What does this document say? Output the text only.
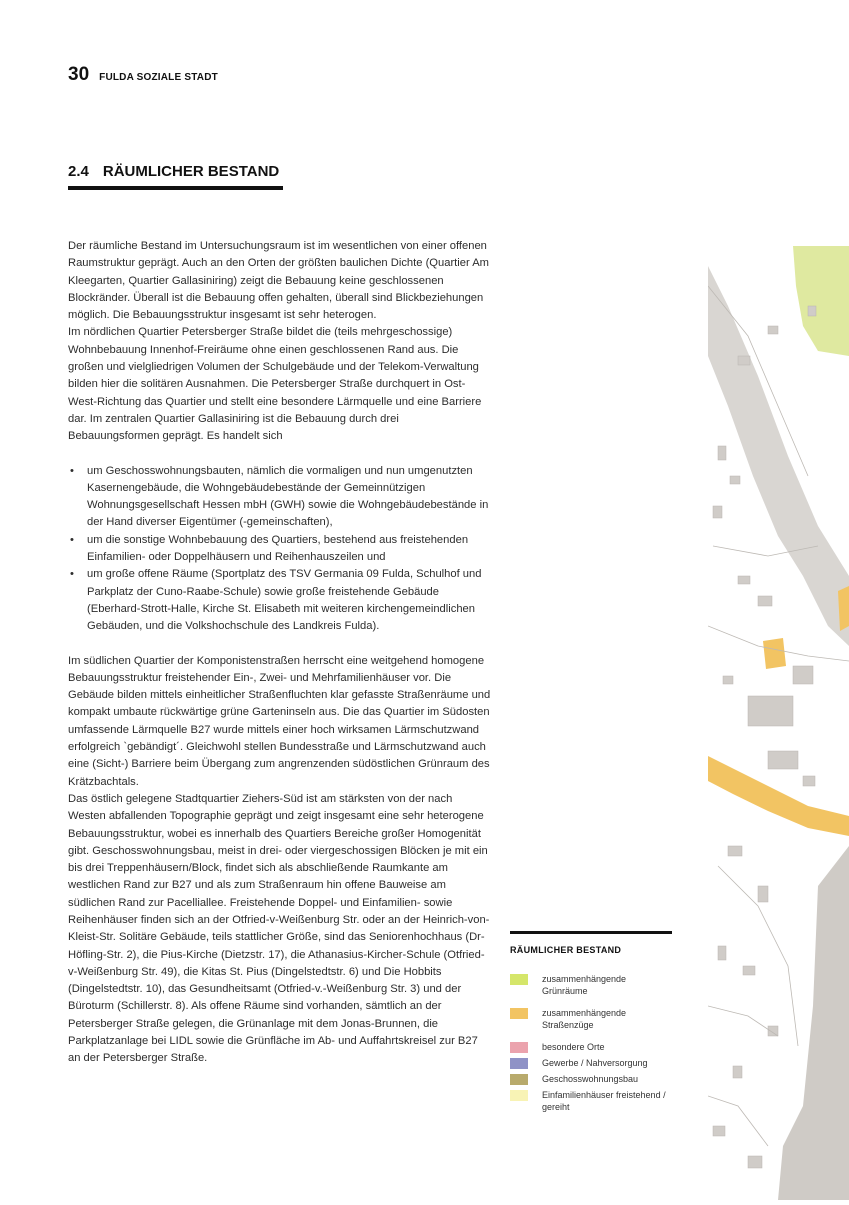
30 FULDA SOZIALE STADT
2.4 RÄUMLICHER BESTAND

Der räumliche Bestand im Untersuchungsraum ist im wesentlichen von einer offenen Raumstruktur geprägt. Auch an den Orten der größten baulichen Dichte (Quartier Am Kleegarten, Quartier Gallasiniring) zeigt die Bebauung keine geschlossenen Blockränder. Überall ist die Bebauung offen gehalten, überall sind Blickbeziehungen möglich. Die Bebauungsstruktur insgesamt ist sehr heterogen.

Im nördlichen Quartier Petersberger Straße bildet die (teils mehrgeschossige) Wohnbebauung Innenhof-Freiräume ohne einen geschlossenen Rand aus. Die großen und vielgliedrigen Volumen der Schulgebäude und der Telekom-Verwaltung bilden hier die solitären Ausnahmen. Die Petersberger Straße durchquert in Ost-West-Richtung das Quartier und stellt eine besondere Lärmquelle und eine Barriere dar. Im zentralen Quartier Gallasiniring ist die Bebauung durch drei Bebauungsformen geprägt. Es handelt sich

• um Geschosswohnungsbauten, nämlich die vormaligen und nun umgenutzten Kasernengebäude, die Wohngebäudebestände der Gemeinnützigen Wohnungsgesellschaft Hessen mbH (GWH) sowie die Wohngebäudebestände in der Hand diverser Eigentümer (-gemeinschaften),
• um die sonstige Wohnbebauung des Quartiers, bestehend aus freistehenden Einfamilien- oder Doppelhäusern und Reihenhauszeilen und
• um große offene Räume (Sportplatz des TSV Germania 09 Fulda, Schulhof und Parkplatz der Cuno-Raabe-Schule) sowie große freistehende Gebäude (Eberhard-Strott-Halle, Kirche St. Elisabeth mit weiteren kirchengemeindlichen Gebäuden, und die Volkshochschule des Landkreis Fulda).

Im südlichen Quartier der Komponistenstraßen herrscht eine weitgehend homogene Bebauungsstruktur freistehender Ein-, Zwei- und Mehrfamilienhäuser vor. Die Gebäude bilden mittels einheitlicher Straßenfluchten klar gefasste Straßenräume und kompakt umbaute rückwärtige grüne Garteninseln aus. Die das Quartier im Südosten umfassende Lärmquelle B27 wurde mittels einer hoch wirksamen Lärmschutzwand erfolgreich `gebändigt´. Gleichwohl stellen Bundesstraße und Lärmschutzwand auch eine (Sicht-) Barriere beim Übergang zum angrenzenden südöstlichen Grünraum des Krätzbachtals.

Das östlich gelegene Stadtquartier Ziehers-Süd ist am stärksten von der nach Westen abfallenden Topographie geprägt und zeigt insgesamt eine sehr heterogene Bebauungsstruktur, wobei es innerhalb des Quartiers Bereiche großer Homogenität gibt. Geschosswohnungsbau, meist in drei- oder viergeschossigen Blöcken je mit ein bis drei Treppenhäusern/Block, findet sich als abschließende Raumkante am westlichen Rand zur B27 und als zum Straßenraum hin offene Bauweise am südlichen Rand zur Pacelliallee. Freistehende Doppel- und Einfamilien- sowie Reihenhäuser finden sich an der Otfried-v-Weißenburg Str. oder an der Heinrich-von-Kleist-Str. Solitäre Gebäude, teils stattlicher Größe, sind das Seniorenhochhaus (Dr-Höfling-Str. 2), die Pius-Kirche (Dietzstr. 17), die Athanasius-Kircher-Schule (Otfried-v-Weißenburg Str. 49), die Kitas St. Pius (Dingelstedtstr. 6) und Die Hobbits (Dingelstedtstr. 10), das Gesundheitsamt (Otfried-v.-Weißenburg Str. 3) und der Büroturm (Schillerstr. 8). Als offene Räume sind vorhanden, sämtlich an der Petersberger Straße gelegen, die Grünanlage mit dem Jonas-Brunnen, die Parkplatzanlage bei LIDL sowie die Grünfläche im Ab- und Auffahrtskreisel zur B27 an der Petersberger Straße.

RÄUMLICHER BESTAND
zusammenhängende Grünräume
zusammenhängende Straßenzüge
besondere Orte
Gewerbe / Nahversorgung
Geschosswohnungsbau
Einfamilienhäuser freistehend / gereiht
